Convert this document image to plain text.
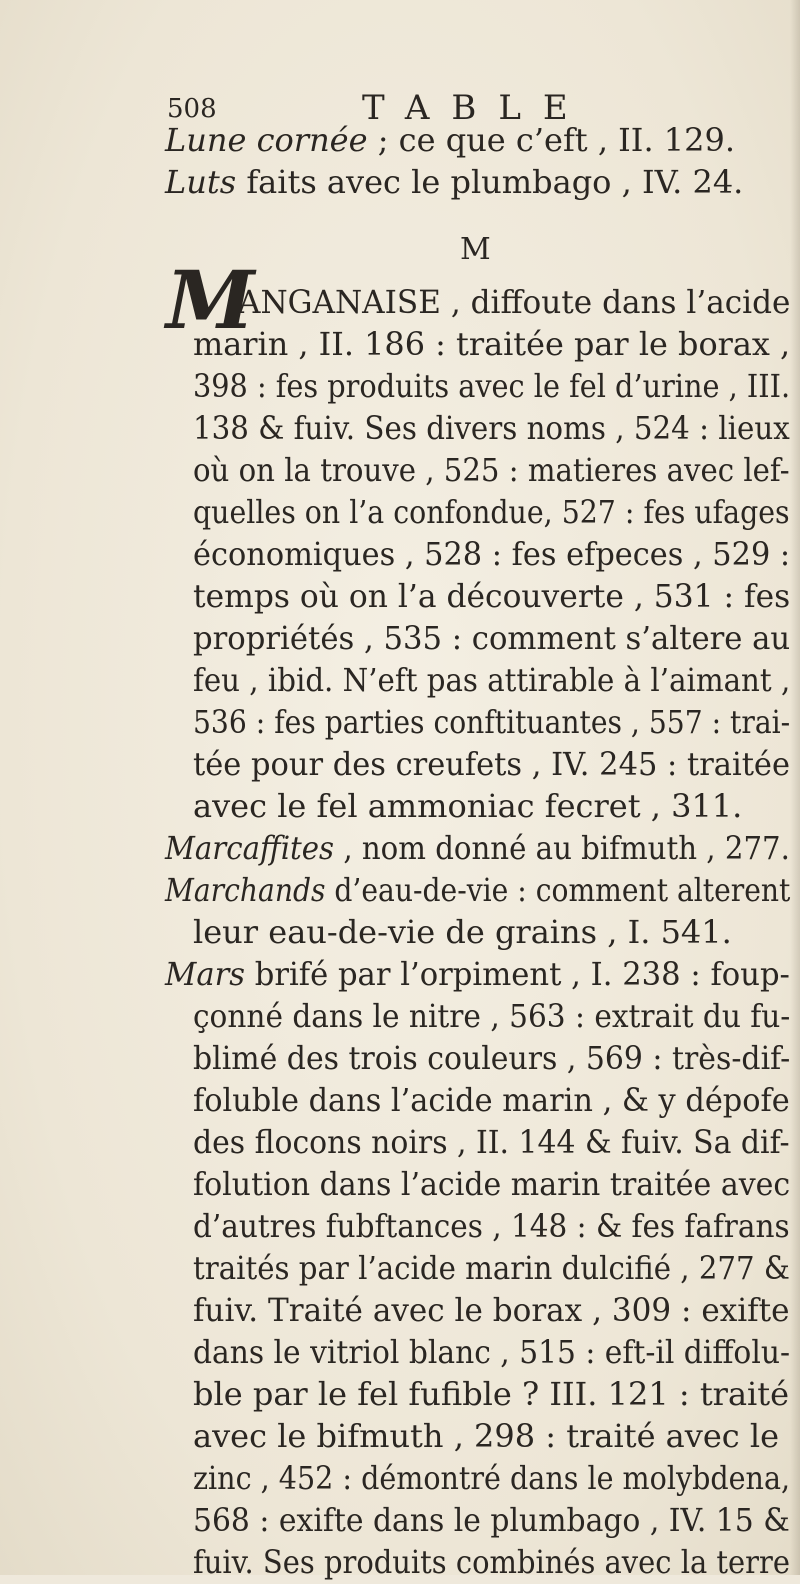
508	TABLE
M
M
Lune cornée ; ce que c’eft , II. 129.
Luts faits avec le plumbago , IV. 24.
ANGANAISE , diffoute dans l’acide
marin , II. 186 : traitée par le borax ,
398 : fes produits avec le fel d’urine , III.
138 & fuiv. Ses divers noms , 524 : lieux
où on la trouve , 525 : matieres avec lef-
quelles on l’a confondue, 527 : fes ufages
économiques , 528 : fes efpeces , 529 :
temps où on l’a découverte , 531 : fes
propriétés , 535 : comment s’altere au
feu , ibid. N’eft pas attirable à l’aimant ,
536 : fes parties conftituantes , 557 : trai-
tée pour des creufets , IV. 245 : traitée
avec le fel ammoniac fecret , 311.
Marcaffites , nom donné au bifmuth , 277.
Marchands d’eau-de-vie : comment alterent
leur eau-de-vie de grains , I. 541.
Mars brifé par l’orpiment , I. 238 : foup-
çonné dans le nitre , 563 : extrait du fu-
blimé des trois couleurs , 569 : très-dif-
foluble dans l’acide marin , & y dépofe
des flocons noirs , II. 144 & fuiv. Sa dif-
folution dans l’acide marin traitée avec
d’autres fubftances , 148 : & fes fafrans
traités par l’acide marin dulcifié , 277 &
fuiv. Traité avec le borax , 309 : exifte
dans le vitriol blanc , 515 : eft-il diffolu-
ble par le fel fufible ? III. 121 : traité
avec le bifmuth , 298 : traité avec le
zinc , 452 : démontré dans le molybdena,
568 : exifte dans le plumbago , IV. 15 &
fuiv. Ses produits combinés avec la terre
